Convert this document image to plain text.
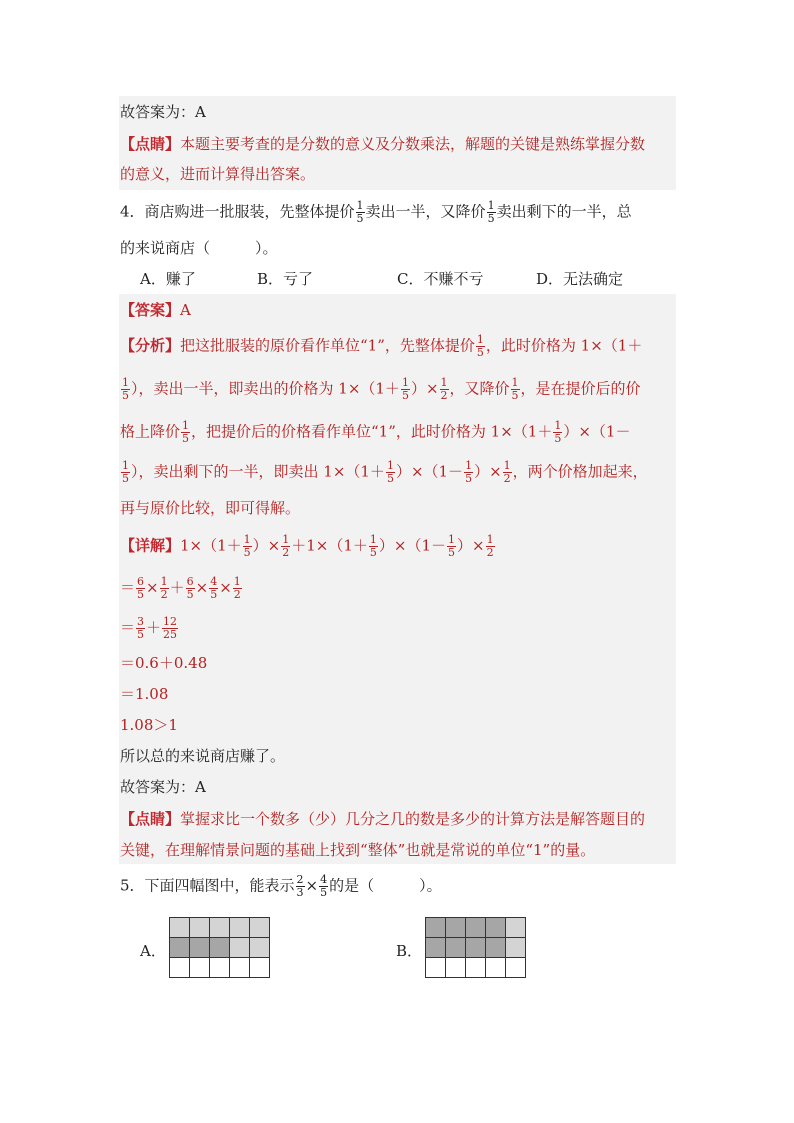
故答案为：A
【点睛】本题主要考查的是分数的意义及分数乘法，解题的关键是熟练掌握分数
的意义，进而计算得出答案。
4．商店购进一批服装，先整体提价 $\frac{1}{5}$ 卖出一半，又降价 $\frac{1}{5}$ 卖出剩下的一半，总
的来说商店（　　　）。
A．赚了	B．亏了	C．不赚不亏	D．无法确定
【答案】A
【分析】把这批服装的原价看作单位“1”，先整体提价 $\frac{1}{5}$ ，此时价格为 1×（1＋
$\frac{1}{5}$ ），卖出一半，即卖出的价格为 $1\times(1+ \frac{1}{5}$ ）× $\frac{1}{2}$ ，又降价 $\frac{1}{5}$ ，是在提价后的价
格上降价 $\frac{1}{5}$ ，把提价后的价格看作单位“1”，此时价格为 $1\times(1+ \frac{1}{5} )\times(1-$
$\frac{1}{5}$ ），卖出剩下的一半，即卖出 $1\times(1+ \frac{1}{5} )\times(1- \frac{1}{5}$ ）× $\frac{1}{2}$ ，两个价格加起来，
再与原价比较，即可得解。
【详解】$1\times(1+ \frac{1}{5}$ ）× $\frac{1}{2} +1\times(1+ \frac{1}{5} )\times(1- \frac{1}{5}$ ）× $\frac{1}{2}$
＝ $\frac{6}{5} \times \frac{1}{2} + \frac{6}{5} \times \frac{4}{5} \times \frac{1}{2}$
＝ $\frac{3}{5} + \frac{12}{25}$
＝0.6＋0.48
＝1.08
1.08＞1
所以总的来说商店赚了。
故答案为：A
【点睛】掌握求比一个数多（少）几分之几的数是多少的计算方法是解答题目的
关键，在理解情景问题的基础上找到“整体”也就是常说的单位“1”的量。
5．下面四幅图中，能表示 $\frac{2}{3} \times \frac{4}{5}$ 的是（　　　）。
A．

					B．
